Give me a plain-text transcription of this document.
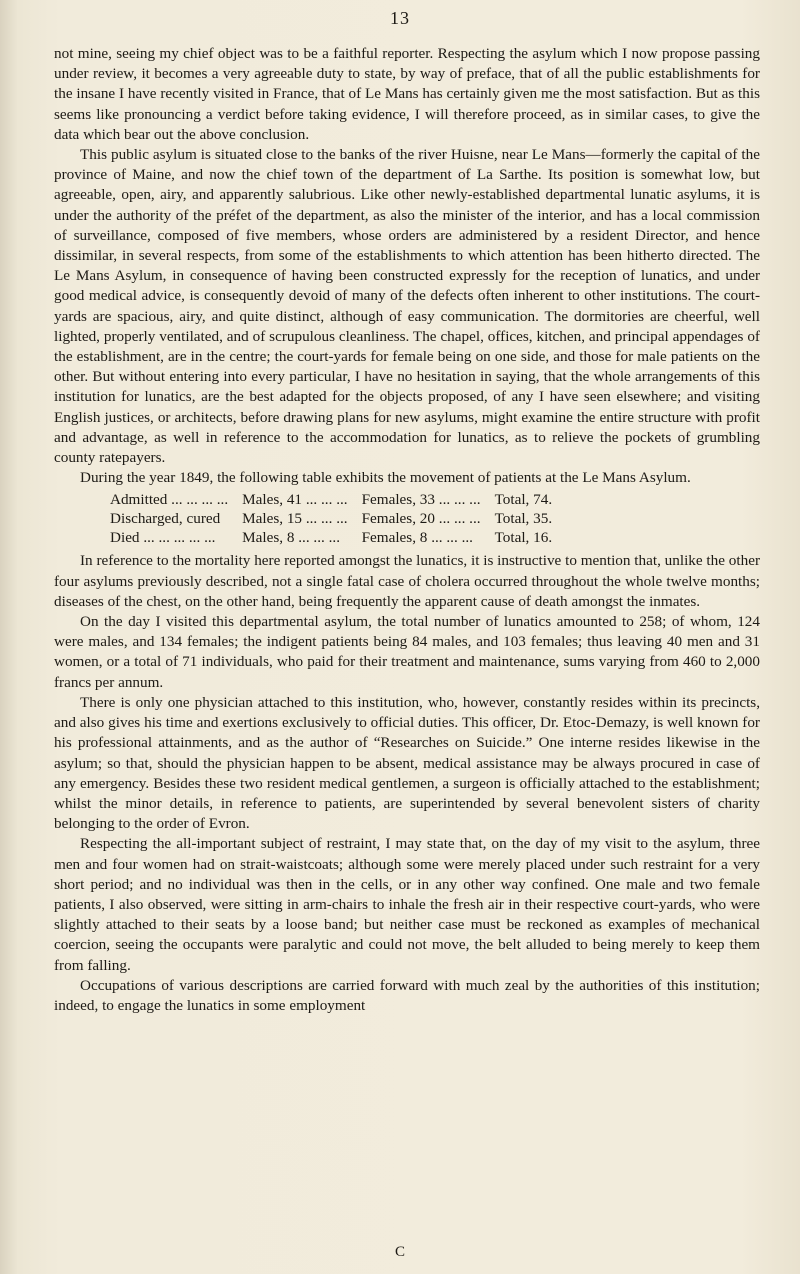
13

not mine, seeing my chief object was to be a faithful reporter. Respecting the asylum which I now propose passing under review, it becomes a very agreeable duty to state, by way of preface, that of all the public establishments for the insane I have recently visited in France, that of Le Mans has certainly given me the most satisfaction. But as this seems like pronouncing a verdict before taking evidence, I will therefore proceed, as in similar cases, to give the data which bear out the above conclusion.

This public asylum is situated close to the banks of the river Huisne, near Le Mans—formerly the capital of the province of Maine, and now the chief town of the department of La Sarthe. Its position is somewhat low, but agreeable, open, airy, and apparently salubrious. Like other newly-established departmental lunatic asylums, it is under the authority of the préfet of the department, as also the minister of the interior, and has a local commission of surveillance, composed of five members, whose orders are administered by a resident Director, and hence dissimilar, in several respects, from some of the establishments to which attention has been hitherto directed. The Le Mans Asylum, in consequence of having been constructed expressly for the reception of lunatics, and under good medical advice, is consequently devoid of many of the defects often inherent to other institutions. The court-yards are spacious, airy, and quite distinct, although of easy communication. The dormitories are cheerful, well lighted, properly ventilated, and of scrupulous cleanliness. The chapel, offices, kitchen, and principal appendages of the establishment, are in the centre; the court-yards for female being on one side, and those for male patients on the other. But without entering into every particular, I have no hesitation in saying, that the whole arrangements of this institution for lunatics, are the best adapted for the objects proposed, of any I have seen elsewhere; and visiting English justices, or architects, before drawing plans for new asylums, might examine the entire structure with profit and advantage, as well in reference to the accommodation for lunatics, as to relieve the pockets of grumbling county ratepayers.

During the year 1849, the following table exhibits the movement of patients at the Le Mans Asylum.

Admitted ... ... ... ...	Males, 41 ... ... ...	Females, 33 ... ... ...	Total, 74.
Discharged, cured	Males, 15 ... ... ...	Females, 20 ... ... ...	Total, 35.
Died ... ... ... ... ...	Males, 8 ... ... ...	Females, 8 ... ... ...	Total, 16.

In reference to the mortality here reported amongst the lunatics, it is instructive to mention that, unlike the other four asylums previously described, not a single fatal case of cholera occurred throughout the whole twelve months; diseases of the chest, on the other hand, being frequently the apparent cause of death amongst the inmates.

On the day I visited this departmental asylum, the total number of lunatics amounted to 258; of whom, 124 were males, and 134 females; the indigent patients being 84 males, and 103 females; thus leaving 40 men and 31 women, or a total of 71 individuals, who paid for their treatment and maintenance, sums varying from 460 to 2,000 francs per annum.

There is only one physician attached to this institution, who, however, constantly resides within its precincts, and also gives his time and exertions exclusively to official duties. This officer, Dr. Etoc-Demazy, is well known for his professional attainments, and as the author of “Researches on Suicide.” One interne resides likewise in the asylum; so that, should the physician happen to be absent, medical assistance may be always procured in case of any emergency. Besides these two resident medical gentlemen, a surgeon is officially attached to the establishment; whilst the minor details, in reference to patients, are superintended by several benevolent sisters of charity belonging to the order of Evron.

Respecting the all-important subject of restraint, I may state that, on the day of my visit to the asylum, three men and four women had on strait-waistcoats; although some were merely placed under such restraint for a very short period; and no individual was then in the cells, or in any other way confined. One male and two female patients, I also observed, were sitting in arm-chairs to inhale the fresh air in their respective court-yards, who were slightly attached to their seats by a loose band; but neither case must be reckoned as examples of mechanical coercion, seeing the occupants were paralytic and could not move, the belt alluded to being merely to keep them from falling.

Occupations of various descriptions are carried forward with much zeal by the authorities of this institution; indeed, to engage the lunatics in some employment

C
